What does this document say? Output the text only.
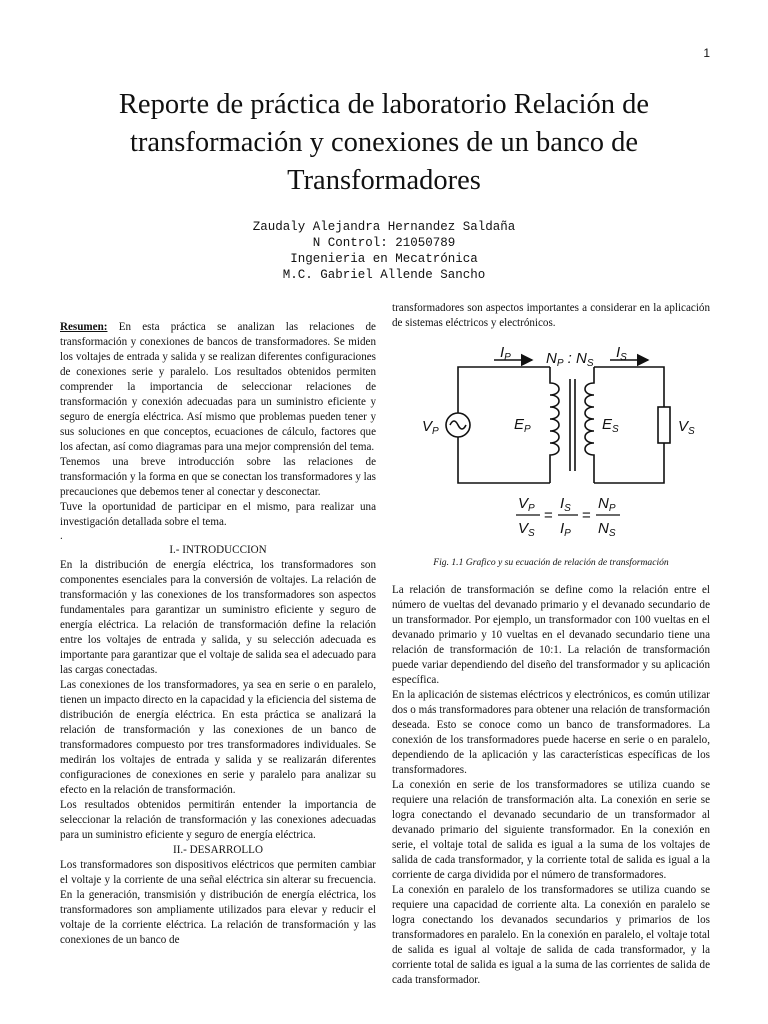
1
Reporte de práctica de laboratorio Relación de transformación y conexiones de un banco de Transformadores
Zaudaly Alejandra Hernandez Saldaña
N Control: 21050789
Ingenieria en Mecatrónica
M.C. Gabriel Allende Sancho

Resumen: En esta práctica se analizan las relaciones de transformación y conexiones de bancos de transformadores. Se miden los voltajes de entrada y salida y se realizan diferentes configuraciones de conexiones serie y paralelo. Los resultados obtenidos permiten comprender la importancia de seleccionar relaciones de transformación y conexión adecuadas para un suministro eficiente y seguro de energía eléctrica. Así mismo que problemas pueden tener y sus soluciones en que conceptos, ecuaciones de cálculo, factores que los afectan, así como diagramas para una mejor comprensión del tema.

Tenemos una breve introducción sobre las relaciones de transformación y la forma en que se conectan los transformadores y las precauciones que debemos tener al conectar y desconectar.

Tuve la oportunidad de participar en el mismo, para realizar una investigación detallada sobre el tema.

.

I.- INTRODUCCION

En la distribución de energía eléctrica, los transformadores son componentes esenciales para la conversión de voltajes. La relación de transformación y las conexiones de los transformadores son aspectos fundamentales para garantizar un suministro eficiente y seguro de energía eléctrica. La relación de transformación define la relación entre los voltajes de entrada y salida, y su selección adecuada es importante para garantizar que el voltaje de salida sea el adecuado para las cargas conectadas.

Las conexiones de los transformadores, ya sea en serie o en paralelo, tienen un impacto directo en la capacidad y la eficiencia del sistema de distribución de energía eléctrica. En esta práctica se analizará la relación de transformación y las conexiones de un banco de transformadores compuesto por tres transformadores individuales. Se medirán los voltajes de entrada y salida y se realizarán diferentes configuraciones de conexiones en serie y paralelo para analizar su efecto en la relación de transformación.

Los resultados obtenidos permitirán entender la importancia de seleccionar la relación de transformación y las conexiones adecuadas para un suministro eficiente y seguro de energía eléctrica.

II.- DESARROLLO

Los transformadores son dispositivos eléctricos que permiten cambiar el voltaje y la corriente de una señal eléctrica sin alterar su frecuencia. En la generación, transmisión y distribución de energía eléctrica, los transformadores son ampliamente utilizados para elevar y reducir el voltaje de la corriente eléctrica. La relación de transformación y las conexiones de un banco de

transformadores son aspectos importantes a considerar en la aplicación de sistemas eléctricos y electrónicos.

$I_P$	$I_S$
$N_P$ : $N_S$
$V_P$	$E_P$	$E_S$	$V_S$
$V_P$
$V_S$
=
$I_S$
$I_P$
=
$N_P$
$N_S$

Fig. 1.1 Grafico y su ecuación de relación de transformación

La relación de transformación se define como la relación entre el número de vueltas del devanado primario y el devanado secundario de un transformador. Por ejemplo, un transformador con 100 vueltas en el devanado primario y 10 vueltas en el devanado secundario tiene una relación de transformación de 10:1. La relación de transformación puede variar dependiendo del diseño del transformador y su aplicación específica.

En la aplicación de sistemas eléctricos y electrónicos, es común utilizar dos o más transformadores para obtener una relación de transformación deseada. Esto se conoce como un banco de transformadores. La conexión de los transformadores puede hacerse en serie o en paralelo, dependiendo de la aplicación y las características específicas de los transformadores.

La conexión en serie de los transformadores se utiliza cuando se requiere una relación de transformación alta. La conexión en serie se logra conectando el devanado secundario de un transformador al devanado primario del siguiente transformador. En la conexión en serie, el voltaje total de salida es igual a la suma de los voltajes de salida de cada transformador, y la corriente total de salida es igual a la corriente de carga dividida por el número de transformadores.

La conexión en paralelo de los transformadores se utiliza cuando se requiere una capacidad de corriente alta. La conexión en paralelo se logra conectando los devanados secundarios y primarios de los transformadores en paralelo. En la conexión en paralelo, el voltaje total de salida es igual al voltaje de salida de cada transformador, y la corriente total de salida es igual a la suma de las corrientes de salida de cada transformador.
